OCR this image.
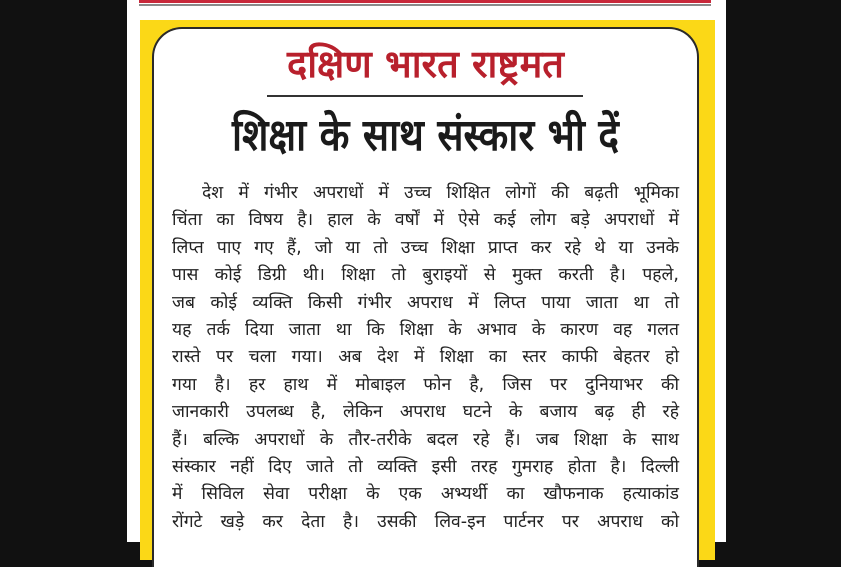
दक्षिण भारत राष्ट्रमत
शिक्षा के साथ संस्कार भी दें
देश में गंभीर अपराधों में उच्च शिक्षित लोगों की बढ़ती भूमिका
चिंता का विषय है। हाल के वर्षों में ऐसे कई लोग बड़े अपराधों में
लिप्त पाए गए हैं, जो या तो उच्च शिक्षा प्राप्त कर रहे थे या उनके
पास कोई डिग्री थी। शिक्षा तो बुराइयों से मुक्त करती है। पहले,
जब कोई व्यक्ति किसी गंभीर अपराध में लिप्त पाया जाता था तो
यह तर्क दिया जाता था कि शिक्षा के अभाव के कारण वह गलत
रास्ते पर चला गया। अब देश में शिक्षा का स्तर काफी बेहतर हो
गया है। हर हाथ में मोबाइल फोन है, जिस पर दुनियाभर की
जानकारी उपलब्ध है, लेकिन अपराध घटने के बजाय बढ़ ही रहे
हैं। बल्कि अपराधों के तौर-तरीके बदल रहे हैं। जब शिक्षा के साथ
संस्कार नहीं दिए जाते तो व्यक्ति इसी तरह गुमराह होता है। दिल्ली
में सिविल सेवा परीक्षा के एक अभ्यर्थी का खौफनाक हत्याकांड
रोंगटे खड़े कर देता है। उसकी लिव-इन पार्टनर पर अपराध को
